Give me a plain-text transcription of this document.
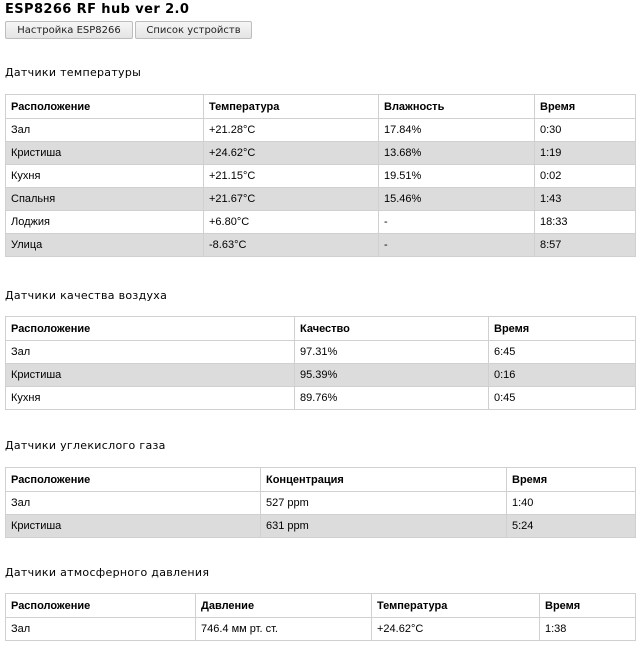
ESP8266 RF hub ver 2.0
Настройка ESP8266	Список устройств
Датчики температуры
Расположение	Температура	Влажность	Время
Зал	+21.28°C	17.84%	0:30
Кристиша	+24.62°C	13.68%	1:19
Кухня	+21.15°C	19.51%	0:02
Спальня	+21.67°C	15.46%	1:43
Лоджия	+6.80°C	-	18:33
Улица	-8.63°C	-	8:57
Датчики качества воздуха
Расположение	Качество	Время
Зал	97.31%	6:45
Кристиша	95.39%	0:16
Кухня	89.76%	0:45
Датчики углекислого газа
Расположение	Концентрация	Время
Зал	527 ppm	1:40
Кристиша	631 ppm	5:24
Датчики атмосферного давления
Расположение	Давление	Температура	Время
Зал	746.4 мм рт. ст.	+24.62°C	1:38
